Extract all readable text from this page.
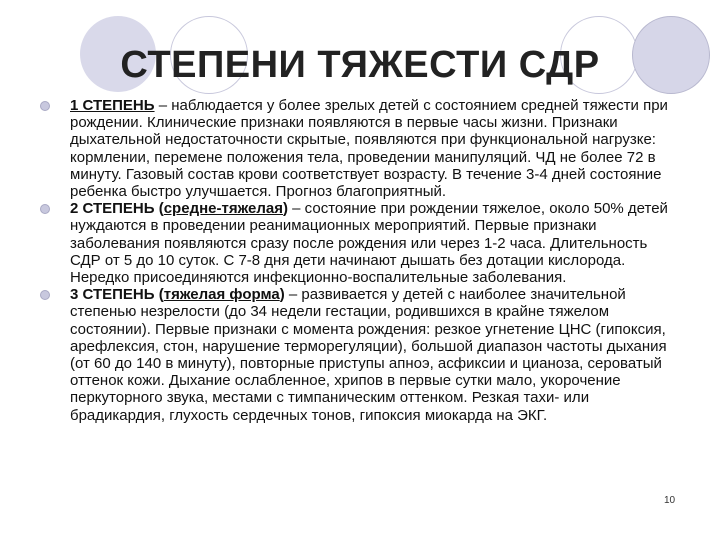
СТЕПЕНИ ТЯЖЕСТИ СДР
1 СТЕПЕНЬ – наблюдается у более зрелых детей с состоянием средней тяжести при рождении. Клинические признаки появляются в первые часы жизни. Признаки дыхательной недостаточности скрытые, появляются при функциональной нагрузке: кормлении, перемене положения тела, проведении манипуляций. ЧД не более 72 в минуту. Газовый состав крови соответствует возрасту. В течение 3-4 дней состояние ребенка быстро улучшается. Прогноз благоприятный.
2 СТЕПЕНЬ (средне-тяжелая) – состояние при рождении тяжелое, около 50% детей нуждаются в проведении реанимационных мероприятий. Первые признаки заболевания появляются сразу после рождения или через 1-2 часа. Длительность СДР от 5 до 10 суток. С 7-8 дня дети начинают дышать без дотации кислорода. Нередко присоединяются инфекционно-воспалительные заболевания.
3 СТЕПЕНЬ (тяжелая форма) – развивается у детей с наиболее значительной степенью незрелости (до 34 недели гестации, родившихся в крайне тяжелом состоянии). Первые признаки с момента рождения: резкое угнетение ЦНС (гипоксия, арефлексия, стон, нарушение терморегуляции), большой диапазон частоты дыхания (от 60 до 140 в минуту), повторные приступы апноэ, асфиксии и цианоза, сероватый оттенок кожи. Дыхание ослабленное, хрипов в первые сутки мало, укорочение перкуторного звука, местами с тимпаническим оттенком. Резкая тахи- или брадикардия, глухость сердечных тонов, гипоксия миокарда на ЭКГ.
10
